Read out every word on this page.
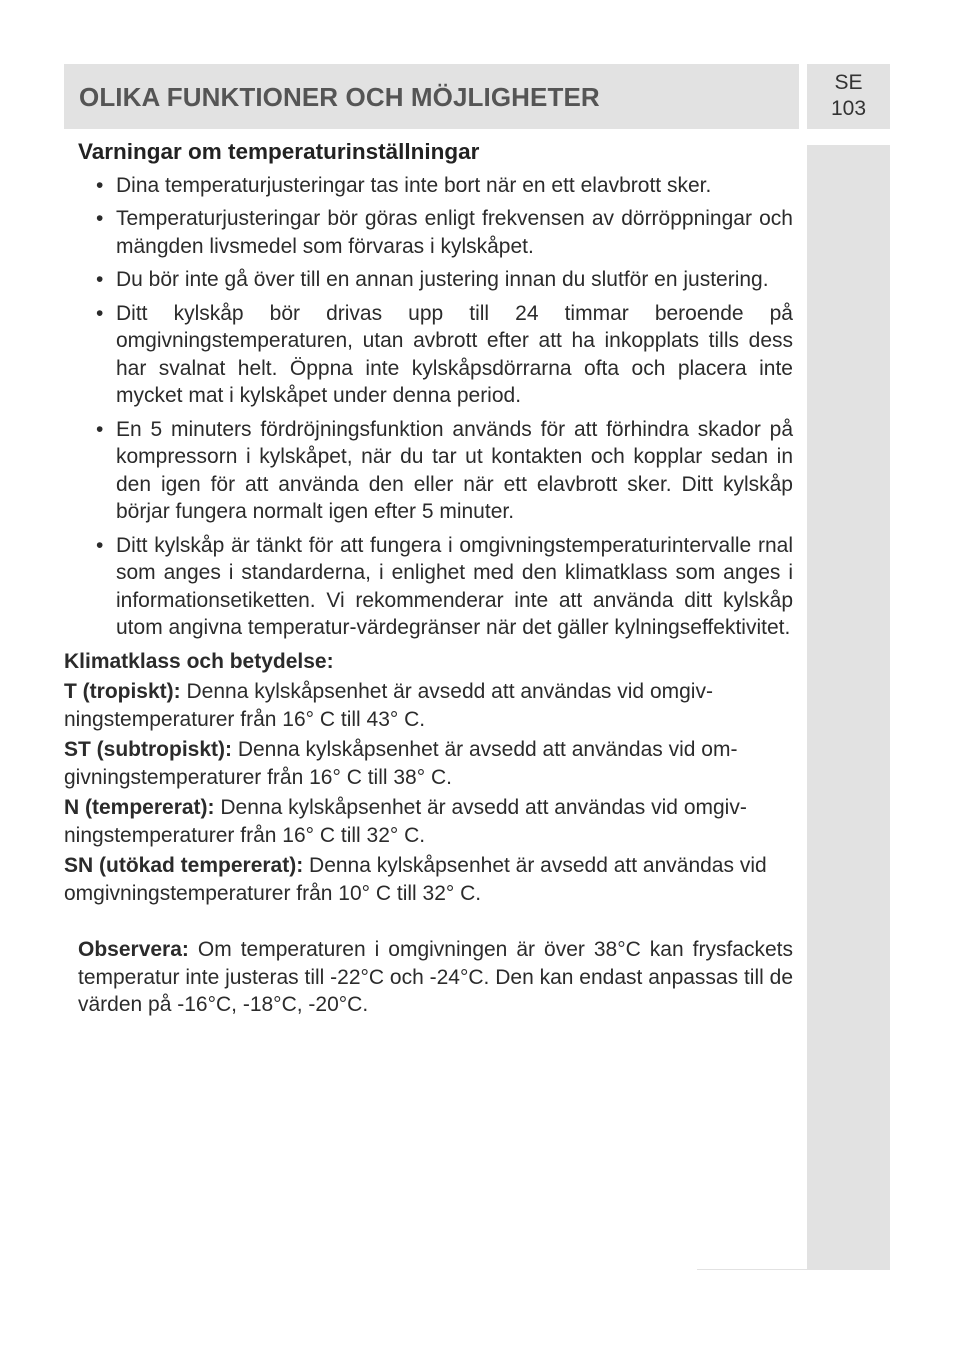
OLIKA FUNKTIONER OCH MÖJLIGHETER	SE
103
Varningar om temperaturinställningar
• Dina temperaturjusteringar tas inte bort när en ett elavbrott sker.
• Temperaturjusteringar bör göras enligt frekvensen av dörröppningar och mängden livsmedel som förvaras i kylskåpet.
• Du bör inte gå över till en annan justering innan du slutför en justering.
• Ditt kylskåp bör drivas upp till 24 timmar beroende på omgivningstemperaturen, utan avbrott efter att ha inkopplats tills dess har svalnat helt. Öppna inte kylskåpsdörrarna ofta och placera inte mycket mat i kylskåpet under denna period.
• En 5 minuters fördröjningsfunktion används för att förhindra skador på kompressorn i kylskåpet, när du tar ut kontakten och kopplar sedan in den igen för att använda den eller när ett elavbrott sker. Ditt kylskåp börjar fungera normalt igen efter 5 minuter.
• Ditt kylskåp är tänkt för att fungera i omgivningstemperaturintervalle rnal som anges i standarderna, i enlighet med den klimatklass som anges i informationsetiketten. Vi rekommenderar inte att använda ditt kylskåp utom angivna temperatur-värdegränser när det gäller kylningseffektivitet.
Klimatklass och betydelse:
T (tropiskt): Denna kylskåpsenhet är avsedd att användas vid omgiv-ningstemperaturer från 16° C till 43° C.
ST (subtropiskt): Denna kylskåpsenhet är avsedd att användas vid om-givningstemperaturer från 16° C till 38° C.
N (tempererat): Denna kylskåpsenhet är avsedd att användas vid omgiv-ningstemperaturer från 16° C till 32° C.
SN (utökad tempererat): Denna kylskåpsenhet är avsedd att användas vid omgivningstemperaturer från 10° C till 32° C.
Observera: Om temperaturen i omgivningen är över 38°C kan frysfackets temperatur inte justeras till -22°C och -24°C. Den kan endast anpassas till de värden på -16°C, -18°C, -20°C.
